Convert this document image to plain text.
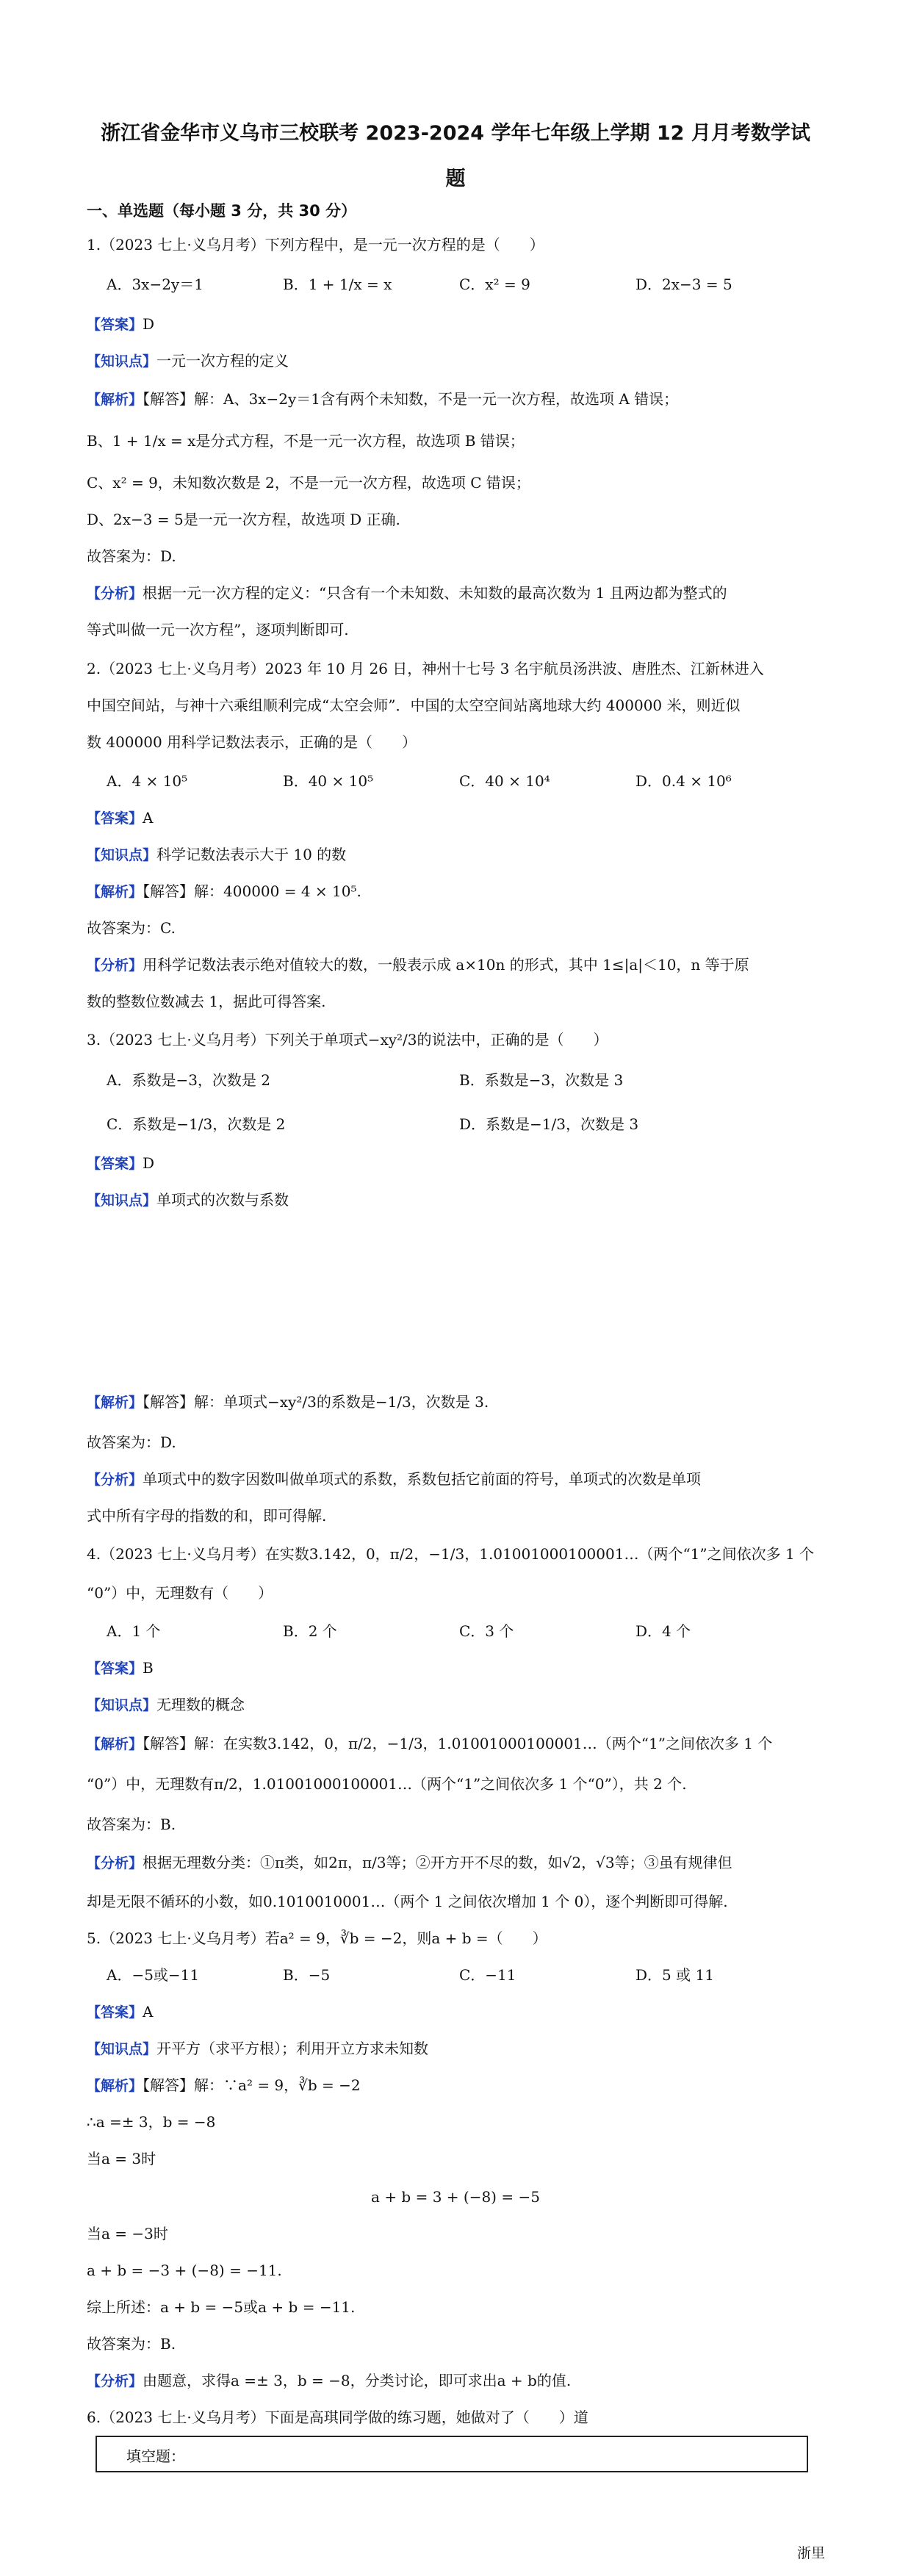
浙江省金华市义乌市三校联考 2023-2024 学年七年级上学期 12 月月考数学试
题
一、单选题（每小题 3 分，共 30 分）
1.（2023 七上·义乌月考）下列方程中，是一元一次方程的是（　　）
A．3x−2y＝1	B．1 + 1/x = x	C．x² = 9	D．2x−3 = 5
【答案】D
【知识点】一元一次方程的定义
【解析】【解答】解：A、3x−2y＝1含有两个未知数，不是一元一次方程，故选项 A 错误；
B、1 + 1/x = x是分式方程，不是一元一次方程，故选项 B 错误；
C、x² = 9，未知数次数是 2，不是一元一次方程，故选项 C 错误；
D、2x−3 = 5是一元一次方程，故选项 D 正确.
故答案为：D.
【分析】根据一元一次方程的定义：“只含有一个未知数、未知数的最高次数为 1 且两边都为整式的
等式叫做一元一次方程”，逐项判断即可.
2.（2023 七上·义乌月考）2023 年 10 月 26 日，神州十七号 3 名宇航员汤洪波、唐胜杰、江新林进入
中国空间站，与神十六乘组顺利完成“太空会师”．中国的太空空间站离地球大约 400000 米，则近似
数 400000 用科学记数法表示，正确的是（　　）
A．4 × 10⁵	B．40 × 10⁵	C．40 × 10⁴	D．0.4 × 10⁶
【答案】A
【知识点】科学记数法表示大于 10 的数
【解析】【解答】解：400000 = 4 × 10⁵.
故答案为：C.
【分析】用科学记数法表示绝对值较大的数，一般表示成 a×10n 的形式，其中 1≤|a|＜10，n 等于原
数的整数位数减去 1，据此可得答案.
3.（2023 七上·义乌月考）下列关于单项式−xy²/3的说法中，正确的是（　　）
A．系数是−3，次数是 2	B．系数是−3，次数是 3
C．系数是−1/3，次数是 2	D．系数是−1/3，次数是 3
【答案】D
【知识点】单项式的次数与系数
【解析】【解答】解：单项式−xy²/3的系数是−1/3，次数是 3.
故答案为：D.
【分析】单项式中的数字因数叫做单项式的系数，系数包括它前面的符号，单项式的次数是单项
式中所有字母的指数的和，即可得解.
4.（2023 七上·义乌月考）在实数3.142，0，π/2，−1/3，1.01001000100001…（两个“1”之间依次多 1 个
“0”）中，无理数有（　　）
A．1 个	B．2 个	C．3 个	D．4 个
【答案】B
【知识点】无理数的概念
【解析】【解答】解：在实数3.142，0，π/2，−1/3，1.01001000100001…（两个“1”之间依次多 1 个
“0”）中，无理数有π/2，1.01001000100001…（两个“1”之间依次多 1 个“0”），共 2 个.
故答案为：B.
【分析】根据无理数分类：①π类，如2π，π/3等；②开方开不尽的数，如√2，√3等；③虽有规律但
却是无限不循环的小数，如0.1010010001…（两个 1 之间依次增加 1 个 0），逐个判断即可得解.
5.（2023 七上·义乌月考）若a² = 9，∛b = −2，则a + b =（　　）
A．−5或−11	B．−5	C．−11	D．5 或 11
【答案】A
【知识点】开平方（求平方根）；利用开立方求未知数
【解析】【解答】解：∵a² = 9，∛b = −2
∴a =± 3，b = −8
当a = 3时
a + b = 3 + (−8) = −5
当a = −3时
a + b = −3 + (−8) = −11.
综上所述：a + b = −5或a + b = −11.
故答案为：B.
【分析】由题意，求得a =± 3，b = −8，分类讨论，即可求出a + b的值.
6.（2023 七上·义乌月考）下面是高琪同学做的练习题，她做对了（　　）道
填空题：
浙里
